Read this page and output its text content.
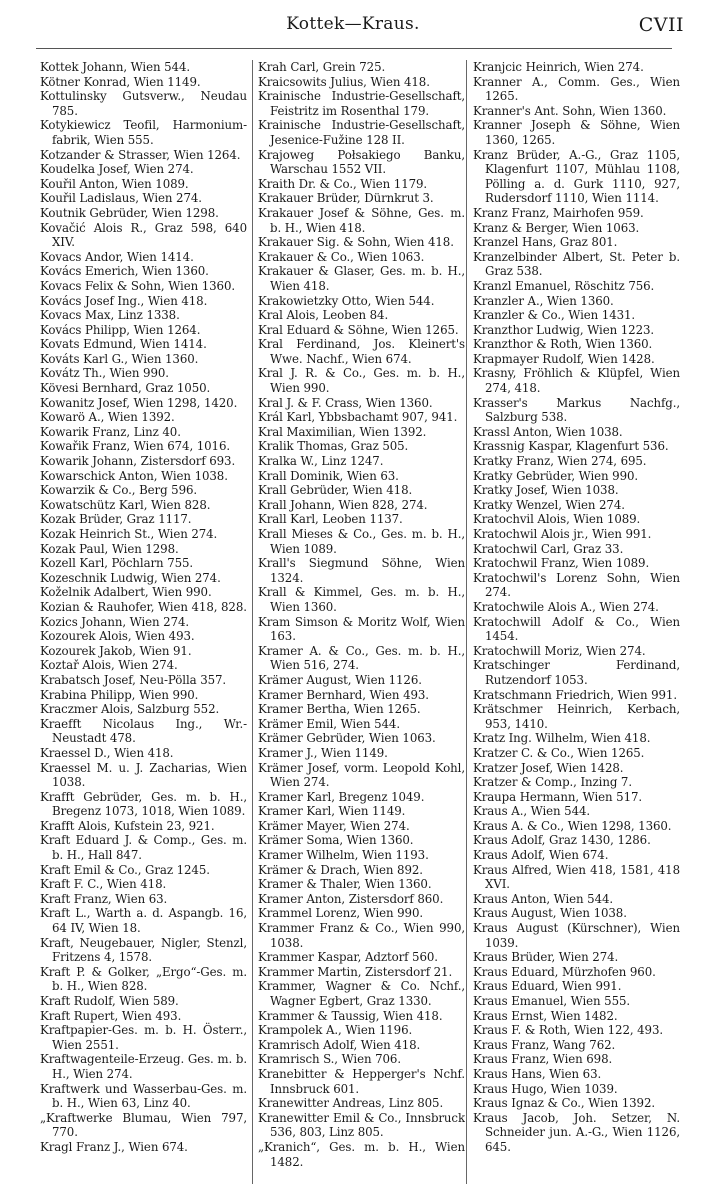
Kottek—Kraus.	CVII

Kottek Johann, Wien 544.

Kötner Konrad, Wien 1149.

Kottulinsky Gutsverw., Neudau 785.

Kotykiewicz Teofil, Harmonium-fabrik, Wien 555.

Kotzander & Strasser, Wien 1264.

Koudelka Josef, Wien 274.

Kouřil Anton, Wien 1089.

Kouřil Ladislaus, Wien 274.

Koutnik Gebrüder, Wien 1298.

Kovačić Alois R., Graz 598, 640 XIV.

Kovacs Andor, Wien 1414.

Kovács Emerich, Wien 1360.

Kovacs Felix & Sohn, Wien 1360.

Kovács Josef Ing., Wien 418.

Kovacs Max, Linz 1338.

Kovács Philipp, Wien 1264.

Kovats Edmund, Wien 1414.

Kováts Karl G., Wien 1360.

Kovátz Th., Wien 990.

Kövesi Bernhard, Graz 1050.

Kowanitz Josef, Wien 1298, 1420.

Kowarö A., Wien 1392.

Kowarik Franz, Linz 40.

Kowařik Franz, Wien 674, 1016.

Kowarik Johann, Zistersdorf 693.

Kowarschick Anton, Wien 1038.

Kowarzik & Co., Berg 596.

Kowatschütz Karl, Wien 828.

Kozak Brüder, Graz 1117.

Kozak Heinrich St., Wien 274.

Kozak Paul, Wien 1298.

Kozell Karl, Pöchlarn 755.

Kozeschnik Ludwig, Wien 274.

Koželnik Adalbert, Wien 990.

Kozian & Rauhofer, Wien 418, 828.

Kozics Johann, Wien 274.

Kozourek Alois, Wien 493.

Kozourek Jakob, Wien 91.

Koztař Alois, Wien 274.

Krabatsch Josef, Neu-Pölla 357.

Krabina Philipp, Wien 990.

Kraczmer Alois, Salzburg 552.

Kraefft Nicolaus Ing., Wr.-Neustadt 478.

Kraessel D., Wien 418.

Kraessel M. u. J. Zacharias, Wien 1038.

Krafft Gebrüder, Ges. m. b. H., Bregenz 1073, 1018, Wien 1089.

Krafft Alois, Kufstein 23, 921.

Kraft Eduard J. & Comp., Ges. m. b. H., Hall 847.

Kraft Emil & Co., Graz 1245.

Kraft F. C., Wien 418.

Kraft Franz, Wien 63.

Kraft L., Warth a. d. Aspangb. 16, 64 IV, Wien 18.

Kraft, Neugebauer, Nigler, Stenzl, Fritzens 4, 1578.

Kraft P. & Golker, „Ergo“-Ges. m. b. H., Wien 828.

Kraft Rudolf, Wien 589.

Kraft Rupert, Wien 493.

Kraftpapier-Ges. m. b. H. Österr., Wien 2551.

Kraftwagenteile-Erzeug. Ges. m. b. H., Wien 274.

Kraftwerk und Wasserbau-Ges. m. b. H., Wien 63, Linz 40.

„Kraftwerke Blumau, Wien 797, 770.

Kragl Franz J., Wien 674.

Krah Carl, Grein 725.

Kraicsowits Julius, Wien 418.

Krainische Industrie-Gesellschaft, Feistritz im Rosenthal 179.

Krainische Industrie-Gesellschaft, Jesenice-Fužine 128 II.

Krajoweg Połsakiego Banku, Warschau 1552 VII.

Kraith Dr. & Co., Wien 1179.

Krakauer Brüder, Dürnkrut 3.

Krakauer Josef & Söhne, Ges. m. b. H., Wien 418.

Krakauer Sig. & Sohn, Wien 418.

Krakauer & Co., Wien 1063.

Krakauer & Glaser, Ges. m. b. H., Wien 418.

Krakowietzky Otto, Wien 544.

Kral Alois, Leoben 84.

Kral Eduard & Söhne, Wien 1265.

Kral Ferdinand, Jos. Kleinert's Wwe. Nachf., Wien 674.

Kral J. R. & Co., Ges. m. b. H., Wien 990.

Kral J. & F. Crass, Wien 1360.

Král Karl, Ybbsbachamt 907, 941.

Kral Maximilian, Wien 1392.

Kralik Thomas, Graz 505.

Kralka W., Linz 1247.

Krall Dominik, Wien 63.

Krall Gebrüder, Wien 418.

Krall Johann, Wien 828, 274.

Krall Karl, Leoben 1137.

Krall Mieses & Co., Ges. m. b. H., Wien 1089.

Krall's Siegmund Söhne, Wien 1324.

Krall & Kimmel, Ges. m. b. H., Wien 1360.

Kram Simson & Moritz Wolf, Wien 163.

Kramer A. & Co., Ges. m. b. H., Wien 516, 274.

Krämer August, Wien 1126.

Kramer Bernhard, Wien 493.

Kramer Bertha, Wien 1265.

Krämer Emil, Wien 544.

Krämer Gebrüder, Wien 1063.

Kramer J., Wien 1149.

Krämer Josef, vorm. Leopold Kohl, Wien 274.

Kramer Karl, Bregenz 1049.

Kramer Karl, Wien 1149.

Krämer Mayer, Wien 274.

Krämer Soma, Wien 1360.

Kramer Wilhelm, Wien 1193.

Krämer & Drach, Wien 892.

Kramer & Thaler, Wien 1360.

Kramer Anton, Zistersdorf 860.

Krammel Lorenz, Wien 990.

Krammer Franz & Co., Wien 990, 1038.

Krammer Kaspar, Adztorf 560.

Krammer Martin, Zistersdorf 21.

Krammer, Wagner & Co. Nchf., Wagner Egbert, Graz 1330.

Krammer & Taussig, Wien 418.

Krampolek A., Wien 1196.

Kramrisch Adolf, Wien 418.

Kramrisch S., Wien 706.

Kranebitter & Hepperger's Nchf. Innsbruck 601.

Kranewitter Andreas, Linz 805.

Kranewitter Emil & Co., Innsbruck 536, 803, Linz 805.

„Kranich“, Ges. m. b. H., Wien 1482.

Kranjcic Heinrich, Wien 274.

Kranner A., Comm. Ges., Wien 1265.

Kranner's Ant. Sohn, Wien 1360.

Kranner Joseph & Söhne, Wien 1360, 1265.

Kranz Brüder, A.-G., Graz 1105, Klagenfurt 1107, Mühlau 1108, Pölling a. d. Gurk 1110, 927, Rudersdorf 1110, Wien 1114.

Kranz Franz, Mairhofen 959.

Kranz & Berger, Wien 1063.

Kranzel Hans, Graz 801.

Kranzelbinder Albert, St. Peter b. Graz 538.

Kranzl Emanuel, Röschitz 756.

Kranzler A., Wien 1360.

Kranzler & Co., Wien 1431.

Kranzthor Ludwig, Wien 1223.

Kranzthor & Roth, Wien 1360.

Krapmayer Rudolf, Wien 1428.

Krasny, Fröhlich & Klüpfel, Wien 274, 418.

Krasser's Markus Nachfg., Salzburg 538.

Krassl Anton, Wien 1038.

Krassnig Kaspar, Klagenfurt 536.

Kratky Franz, Wien 274, 695.

Kratky Gebrüder, Wien 990.

Kratky Josef, Wien 1038.

Kratky Wenzel, Wien 274.

Kratochvil Alois, Wien 1089.

Kratochwil Alois jr., Wien 991.

Kratochwil Carl, Graz 33.

Kratochwil Franz, Wien 1089.

Kratochwil's Lorenz Sohn, Wien 274.

Kratochwile Alois A., Wien 274.

Kratochwill Adolf & Co., Wien 1454.

Kratochwill Moriz, Wien 274.

Kratschinger Ferdinand, Rutzendorf 1053.

Kratschmann Friedrich, Wien 991.

Krätschmer Heinrich, Kerbach, 953, 1410.

Kratz Ing. Wilhelm, Wien 418.

Kratzer C. & Co., Wien 1265.

Kratzer Josef, Wien 1428.

Kratzer & Comp., Inzing 7.

Kraupa Hermann, Wien 517.

Kraus A., Wien 544.

Kraus A. & Co., Wien 1298, 1360.

Kraus Adolf, Graz 1430, 1286.

Kraus Adolf, Wien 674.

Kraus Alfred, Wien 418, 1581, 418 XVI.

Kraus Anton, Wien 544.

Kraus August, Wien 1038.

Kraus August (Kürschner), Wien 1039.

Kraus Brüder, Wien 274.

Kraus Eduard, Mürzhofen 960.

Kraus Eduard, Wien 991.

Kraus Emanuel, Wien 555.

Kraus Ernst, Wien 1482.

Kraus F. & Roth, Wien 122, 493.

Kraus Franz, Wang 762.

Kraus Franz, Wien 698.

Kraus Hans, Wien 63.

Kraus Hugo, Wien 1039.

Kraus Ignaz & Co., Wien 1392.

Kraus Jacob, Joh. Setzer, N. Schneider jun. A.-G., Wien 1126, 645.
